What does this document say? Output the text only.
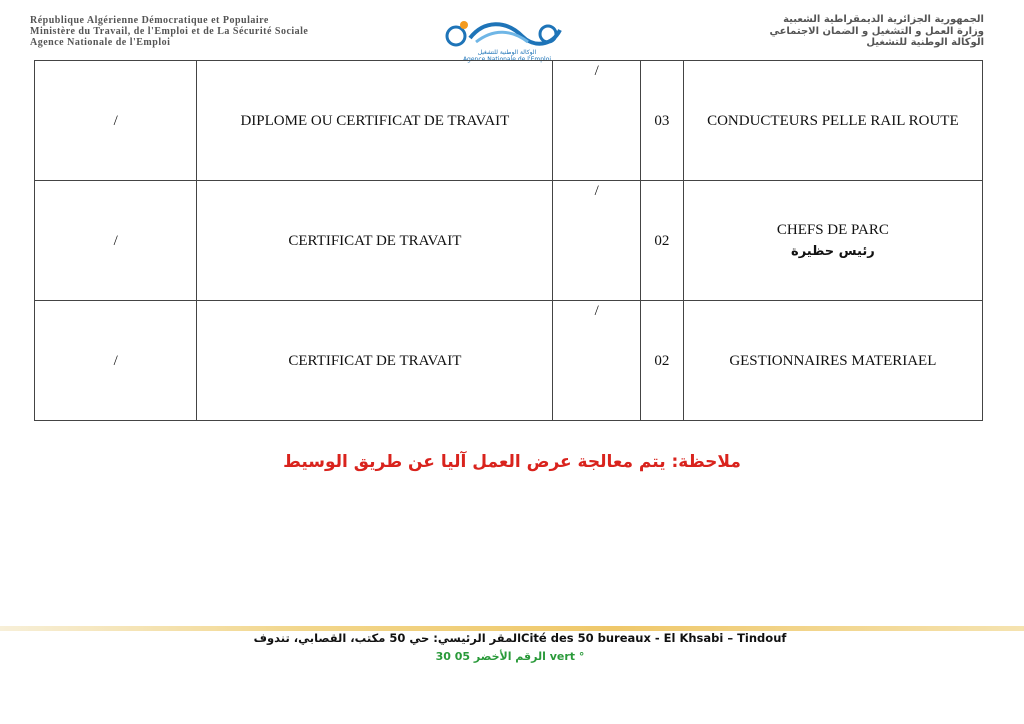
République Algérienne Démocratique et Populaire
Ministère du Travail, de l'Emploi et de La Sécurité Sociale
Agence Nationale de l'Emploi
الوكالة الوطنية للتشغيل
Agence Nationale de l'Emploi
الجمهورية الجزائرية الديمقراطية الشعبية
وزارة العمل و التشغيل و الضمان الاجتماعي
الوكالة الوطنية للتشغيل
/	DIPLOME OU CERTIFICAT DE TRAVAIT	/	03	CONDUCTEURS PELLE RAIL ROUTE

/	CERTIFICAT DE TRAVAIT	/	02	CHEFS DE PARC
رئيس حظيرة

/	CERTIFICAT DE TRAVAIT	/	02	GESTIONNAIRES MATERIAEL
ملاحظة: يتم معالجة عرض العمل آليا عن طريق الوسيط
المقر الرئيسي: حي 50 مكتب، القصابي، تندوفCité des 50 bureaux - El Khsabi – Tindouf
الرقم الأخضر 05 30 vert °
